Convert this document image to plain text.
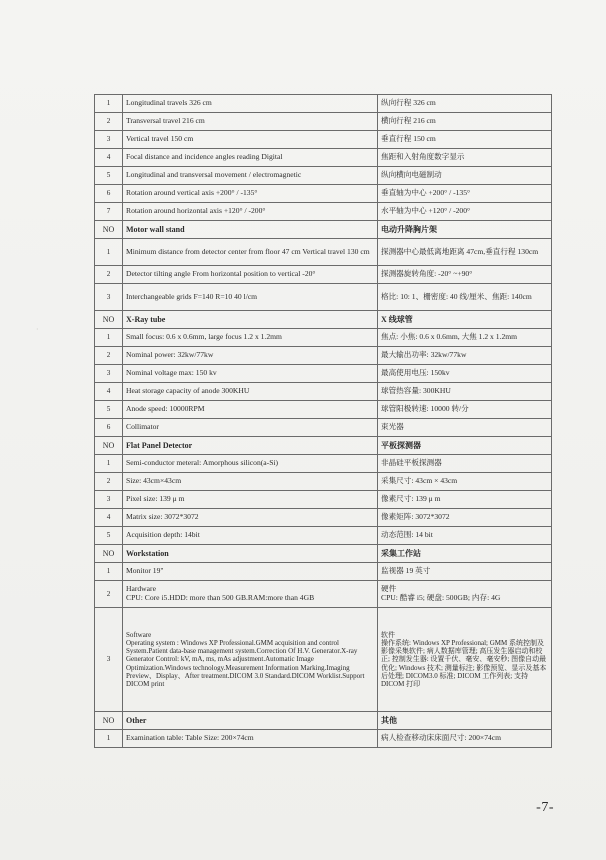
·
1	Longitudinal travels 326 cm	纵向行程 326 cm
2	Transversal travel 216 cm	横向行程 216 cm
3	Vertical travel 150 cm	垂直行程 150 cm
4	Focal distance and incidence angles reading Digital	焦距和入射角度数字显示
5	Longitudinal and transversal movement / electromagnetic	纵向横向电磁制动
6	Rotation around vertical axis +200° / -135°	垂直轴为中心 +200° / -135°
7	Rotation around horizontal axis +120° / -200°	水平轴为中心 +120° / -200°
NO	Motor wall stand	电动升降胸片架
1	Minimum distance from detector center from floor 47 cm Vertical travel 130 cm	探测器中心最低离地距离 47cm,垂直行程 130cm
2	Detector tilting angle From horizontal position to vertical -20°	探测器旋转角度: -20° ~+90°
3	Interchangeable grids F=140 R=10 40 l/cm	格比: 10: 1、栅密度: 40 线/厘米、焦距: 140cm
NO	X-Ray tube	X 线球管
1	Small focus: 0.6 x 0.6mm, large focus 1.2 x 1.2mm	焦点: 小焦: 0.6 x 0.6mm, 大焦 1.2 x 1.2mm
2	Nominal power: 32kw/77kw	最大输出功率: 32kw/77kw
3	Nominal voltage max: 150 kv	最高使用电压: 150kv
4	Heat storage capacity of anode 300KHU	球管热容量: 300KHU
5	Anode speed: 10000RPM	球管阳极转速: 10000 转/分
6	Collimator	束光器
NO	Flat Panel Detector	平板探测器
1	Semi-conductor meteral: Amorphous silicon(a-Si)	非晶硅平板探测器
2	Size: 43cm×43cm	采集尺寸: 43cm × 43cm
3	Pixel size: 139 μ m	像素尺寸: 139 μ m
4	Matrix size: 3072*3072	像素矩阵: 3072*3072
5	Acquisition depth: 14bit	动态范围: 14 bit
NO	Workstation	采集工作站
1	Monitor 19"	监视器 19 英寸
2	Hardware
CPU: Core i5.HDD: more than 500 GB.RAM:more than 4GB	硬件
CPU: 酷睿 i5; 硬盘: 500GB; 内存: 4G
3	Software
Operating system : Windows XP Professional.GMM acquisition and control System.Patient data-base management system.Correction Of H.V. Generator.X-ray Generator Control: kV, mA, ms, mAs adjustment.Automatic Image Optimization.Windows technology.Measurement Information Marking.Imaging Preview、Display、After treatment.DICOM 3.0 Standard.DICOM Worklist.Support DICOM print	软件
操作系统: Windows XP Professional; GMM 系统控制及影像采集软件; 病人数据库管理; 高压发生器启动和校正; 控制发生器: 设置千伏、毫安、毫安秒; 图像自动最优化; Windows 技术; 测量标注; 影像预览、显示及基本后处理; DICOM3.0 标准; DICOM 工作列表; 支持 DICOM 打印
NO	Other	其他
1	Examination table: Table Size: 200×74cm	病人检查移动床床面尺寸: 200×74cm
-7-
